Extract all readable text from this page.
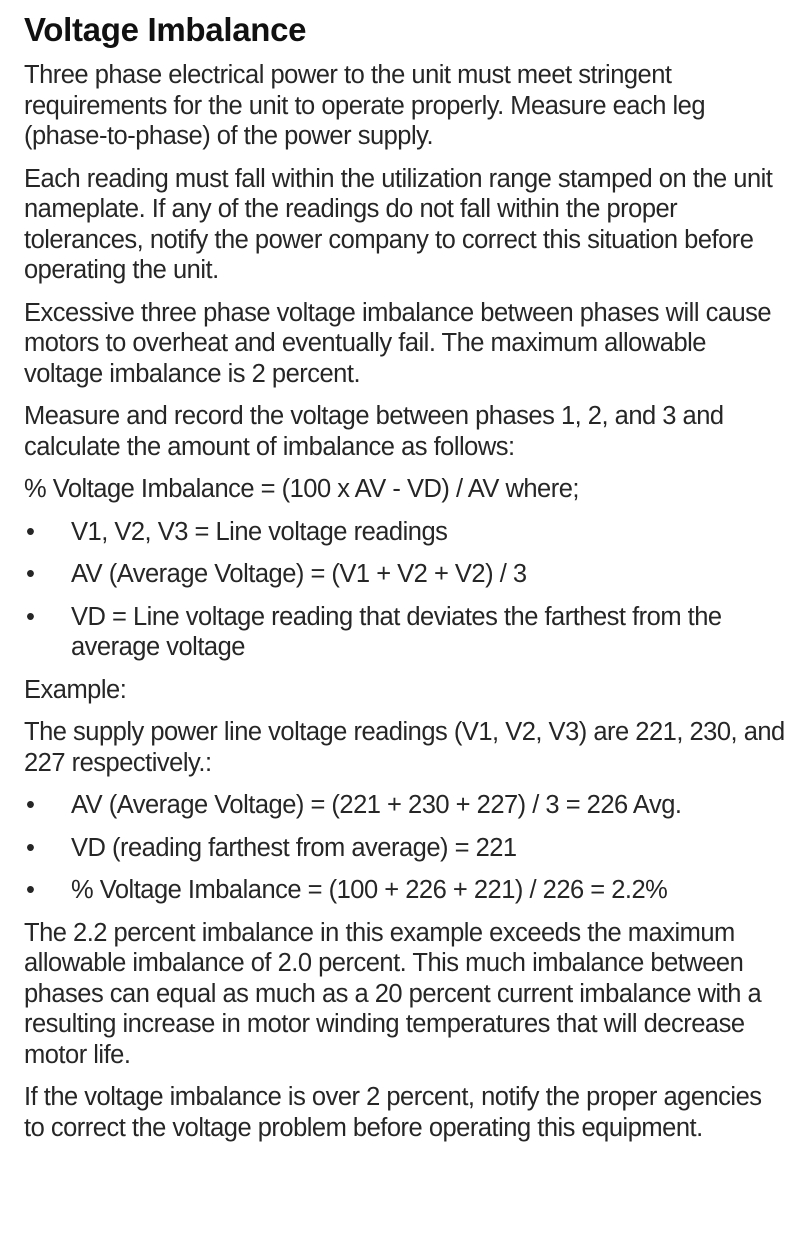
Voltage Imbalance

Three phase electrical power to the unit must meet stringent requirements for the unit to operate properly. Measure each leg (phase-to-phase) of the power supply.

Each reading must fall within the utilization range stamped on the unit nameplate. If any of the readings do not fall within the proper tolerances, notify the power company to correct this situation before operating the unit.

Excessive three phase voltage imbalance between phases will cause motors to overheat and eventually fail. The maximum allowable voltage imbalance is 2 percent.

Measure and record the voltage between phases 1, 2, and 3 and calculate the amount of imbalance as follows:

% Voltage Imbalance = (100 x AV - VD) / AV where;

•	V1, V2, V3 = Line voltage readings
•	AV (Average Voltage) = (V1 + V2 + V2) / 3
•	VD = Line voltage reading that deviates the farthest from the average voltage

Example:

The supply power line voltage readings (V1, V2, V3) are 221, 230, and 227 respectively.:

•	AV (Average Voltage) = (221 + 230 + 227) / 3 = 226 Avg.
•	VD (reading farthest from average) = 221
•	% Voltage Imbalance = (100 + 226 + 221) / 226 = 2.2%

The 2.2 percent imbalance in this example exceeds the maximum allowable imbalance of 2.0 percent. This much imbalance between phases can equal as much as a 20 percent current imbalance with a resulting increase in motor winding temperatures that will decrease motor life.

If the voltage imbalance is over 2 percent, notify the proper agencies to correct the voltage problem before operating this equipment.
